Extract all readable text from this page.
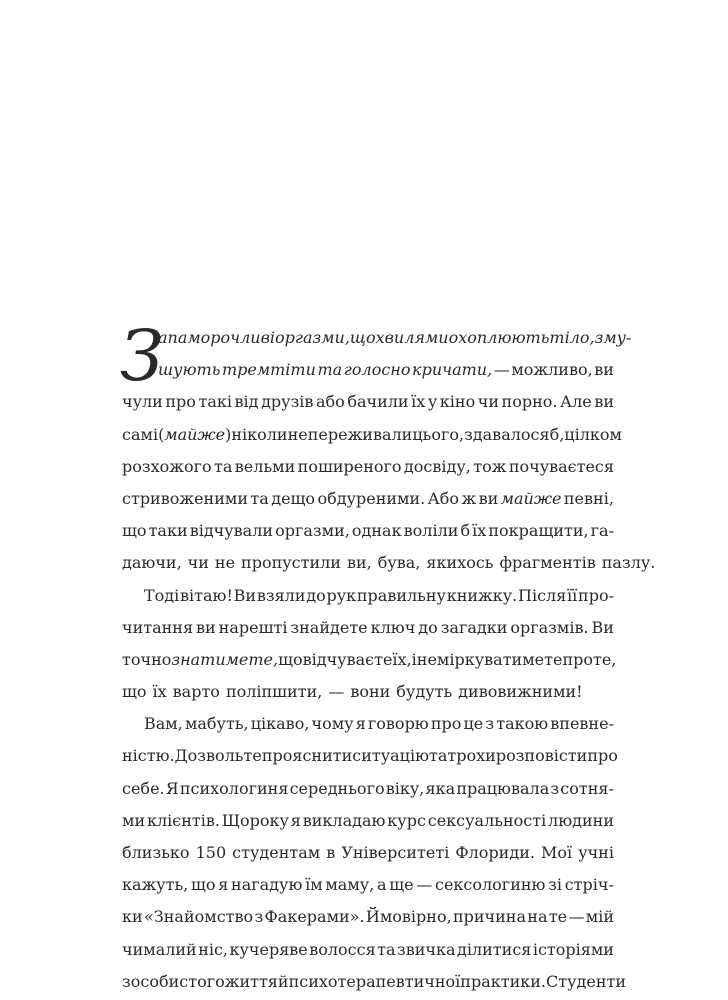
З
апаморочливі оргазми, що хвилями охоплюють тіло, зму-
шують тремтіти та голосно кричати, — можливо, ви
чули про такі від друзів або бачили їх у кіно чи порно. Але ви
самі (майже) ніколи не переживали цього, здавалося б, цілком
розхожого та вельми поширеного досвіду, тож почуваєтеся
стривоженими та дещо обдуреними. Або ж ви майже певні,
що таки відчували оргазми, однак воліли б їх покращити, га-
даючи, чи не пропустили ви, бува, якихось фрагментів пазлу.
Тоді вітаю! Ви взяли до рук правильну книжку. Після її про-
читання ви нарешті знайдете ключ до загадки оргазмів. Ви
точно знатимете, що відчуваєте їх, і не міркуватимете про те,
що їх варто поліпшити, — вони будуть дивовижними!
Вам, мабуть, цікаво, чому я говорю про це з такою впевне-
ністю. Дозвольте прояснити ситуацію та трохи розповісти про
себе. Я психологиня середнього віку, яка працювала з сотня-
ми клієнтів. Щороку я викладаю курс сексуальності людини
близько 150 студентам в Університеті Флориди. Мої учні
кажуть, що я нагадую їм маму, а ще — сексологиню зі стріч-
ки «Знайомство з Факерами». Ймовірно, причина на те — мій
чималий ніс, кучеряве волосся та звичка ділитися історіями
з особистого життя й психотерапевтичної практики. Студенти
